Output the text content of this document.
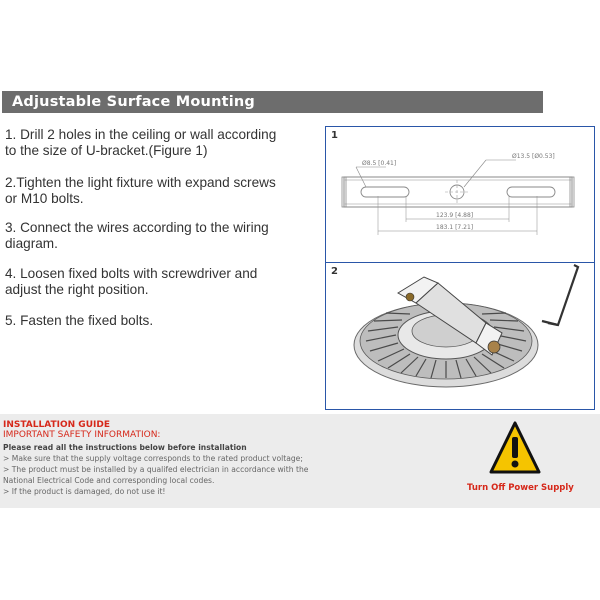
Adjustable Surface Mounting

1. Drill 2 holes in the ceiling or wall according

to the size of U-bracket.(Figure 1)

2.Tighten the light fixture with expand screws

or M10 bolts.

3. Connect the wires according to the wiring

diagram.

4. Loosen fixed bolts with screwdriver and

adjust the right position.

5. Fasten the fixed bolts.

1
Ø8.5 [0.41]
Ø13.5 [Ø0.53]
123.9 [4.88]
183.1 [7.21]
2
INSTALLATION GUIDE
IMPORTANT SAFETY INFORMATION:
Please read all the instructions below before installation
> Make sure that the supply voltage corresponds to the rated product voltage;
> The product must be installed by a qualifed electrician in accordance with the
National Electrical Code and corresponding local codes.
> If the product is damaged, do not use it!	Turn Off Power Supply
